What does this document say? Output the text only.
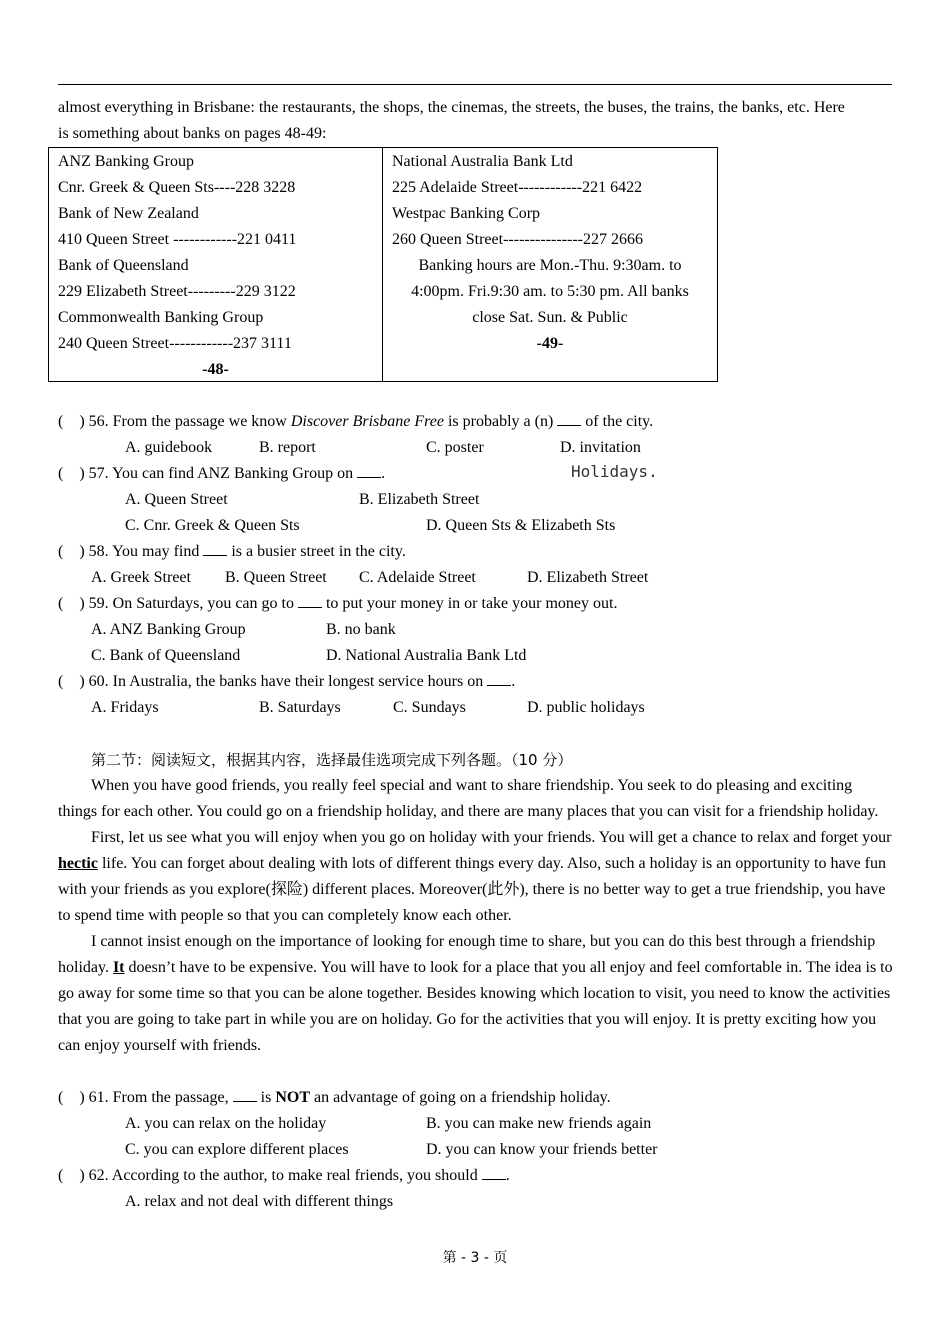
almost everything in Brisbane: the restaurants, the shops, the cinemas, the streets, the buses, the trains, the banks, etc. Here
is something about banks on pages 48-49:
ANZ Banking Group
Cnr. Greek & Queen Sts----228 3228
Bank of New Zealand
410 Queen Street ------------221 0411
Bank of Queensland
229 Elizabeth Street---------229 3122
Commonwealth Banking Group
240 Queen Street------------237 3111
-48-
National Australia Bank Ltd
225 Adelaide Street------------221 6422
Westpac Banking Corp
260 Queen Street---------------227 2666
Banking hours are Mon.-Thu. 9:30am. to
4:00pm. Fri.9:30 am. to 5:30 pm. All banks
close Sat. Sun. & Public
-49-
( ) 56. From the passage we know Discover Brisbane Free is probably a (n)  of the city.
A. guidebook	B. report	C. poster	D. invitation
( ) 57. You can find ANZ Banking Group on .	Holidays.
A. Queen Street	B. Elizabeth Street
C. Cnr. Greek & Queen Sts	D. Queen Sts & Elizabeth Sts
( ) 58. You may find  is a busier street in the city.
A. Greek Street B. Queen Street C. Adelaide Street	D. Elizabeth Street
( ) 59. On Saturdays, you can go to  to put your money in or take your money out.
A. ANZ Banking Group	B. no bank
C. Bank of Queensland	D. National Australia Bank Ltd
( ) 60. In Australia, the banks have their longest service hours on .
A. Fridays	B. Saturdays	C. Sundays	D. public holidays
第二节：阅读短文，根据其内容，选择最佳选项完成下列各题。（10 分）

When you have good friends, you really feel special and want to share friendship. You seek to do pleasing and exciting things for each other. You could go on a friendship holiday, and there are many places that you can visit for a friendship holiday.

First, let us see what you will enjoy when you go on holiday with your friends. You will get a chance to relax and forget your hectic life. You can forget about dealing with lots of different things every day. Also, such a holiday is an opportunity to have fun with your friends as you explore(探险) different places. Moreover(此外), there is no better way to get a true friendship, you have to spend time with people so that you can completely know each other.

I cannot insist enough on the importance of looking for enough time to share, but you can do this best through a friendship holiday. It doesn’t have to be expensive. You will have to look for a place that you all enjoy and feel comfortable in. The idea is to go away for some time so that you can be alone together. Besides knowing which location to visit, you need to know the activities that you are going to take part in while you are on holiday. Go for the activities that you will enjoy. It is pretty exciting how you can enjoy yourself with friends.

( ) 61. From the passage,  is NOT an advantage of going on a friendship holiday.
A. you can relax on the holiday	B. you can make new friends again
C. you can explore different places	D. you can know your friends better
( ) 62. According to the author, to make real friends, you should .
A. relax and not deal with different things
第 - 3 - 页
